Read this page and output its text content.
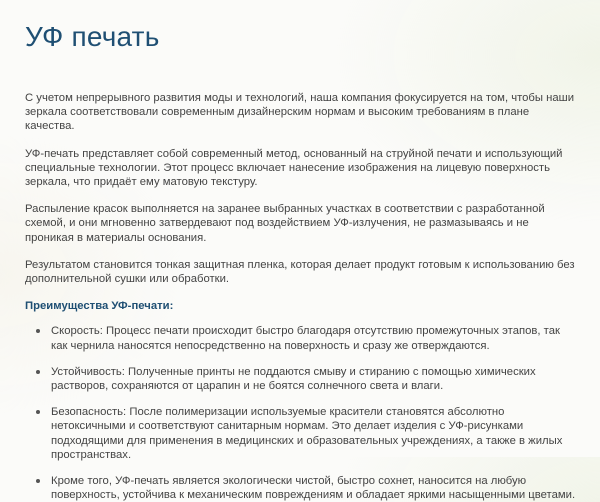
УФ печать

С учетом непрерывного развития моды и технологий, наша компания фокусируется на том, чтобы наши зеркала соответствовали современным дизайнерским нормам и высоким требованиям в плане качества.

УФ-печать представляет собой современный метод, основанный на струйной печати и использующий специальные технологии. Этот процесс включает нанесение изображения на лицевую поверхность зеркала, что придаёт ему матовую текстуру.

Распыление красок выполняется на заранее выбранных участках в соответствии с разработанной схемой, и они мгновенно затвердевают под воздействием УФ-излучения, не размазываясь и не проникая в материалы основания.

Результатом становится тонкая защитная пленка, которая делает продукт готовым к использованию без дополнительной сушки или обработки.

Преимущества УФ-печати:
Скорость: Процесс печати происходит быстро благодаря отсутствию промежуточных этапов, так как чернила наносятся непосредственно на поверхность и сразу же отверждаются.
Устойчивость: Полученные принты не поддаются смыву и стиранию с помощью химических растворов, сохраняются от царапин и не боятся солнечного света и влаги.
Безопасность: После полимеризации используемые красители становятся абсолютно нетоксичными и соответствуют санитарным нормам. Это делает изделия с УФ-рисунками подходящими для применения в медицинских и образовательных учреждениях, а также в жилых пространствах.
Кроме того, УФ-печать является экологически чистой, быстро сохнет, наносится на любую поверхность, устойчива к механическим повреждениям и обладает яркими насыщенными цветами.
